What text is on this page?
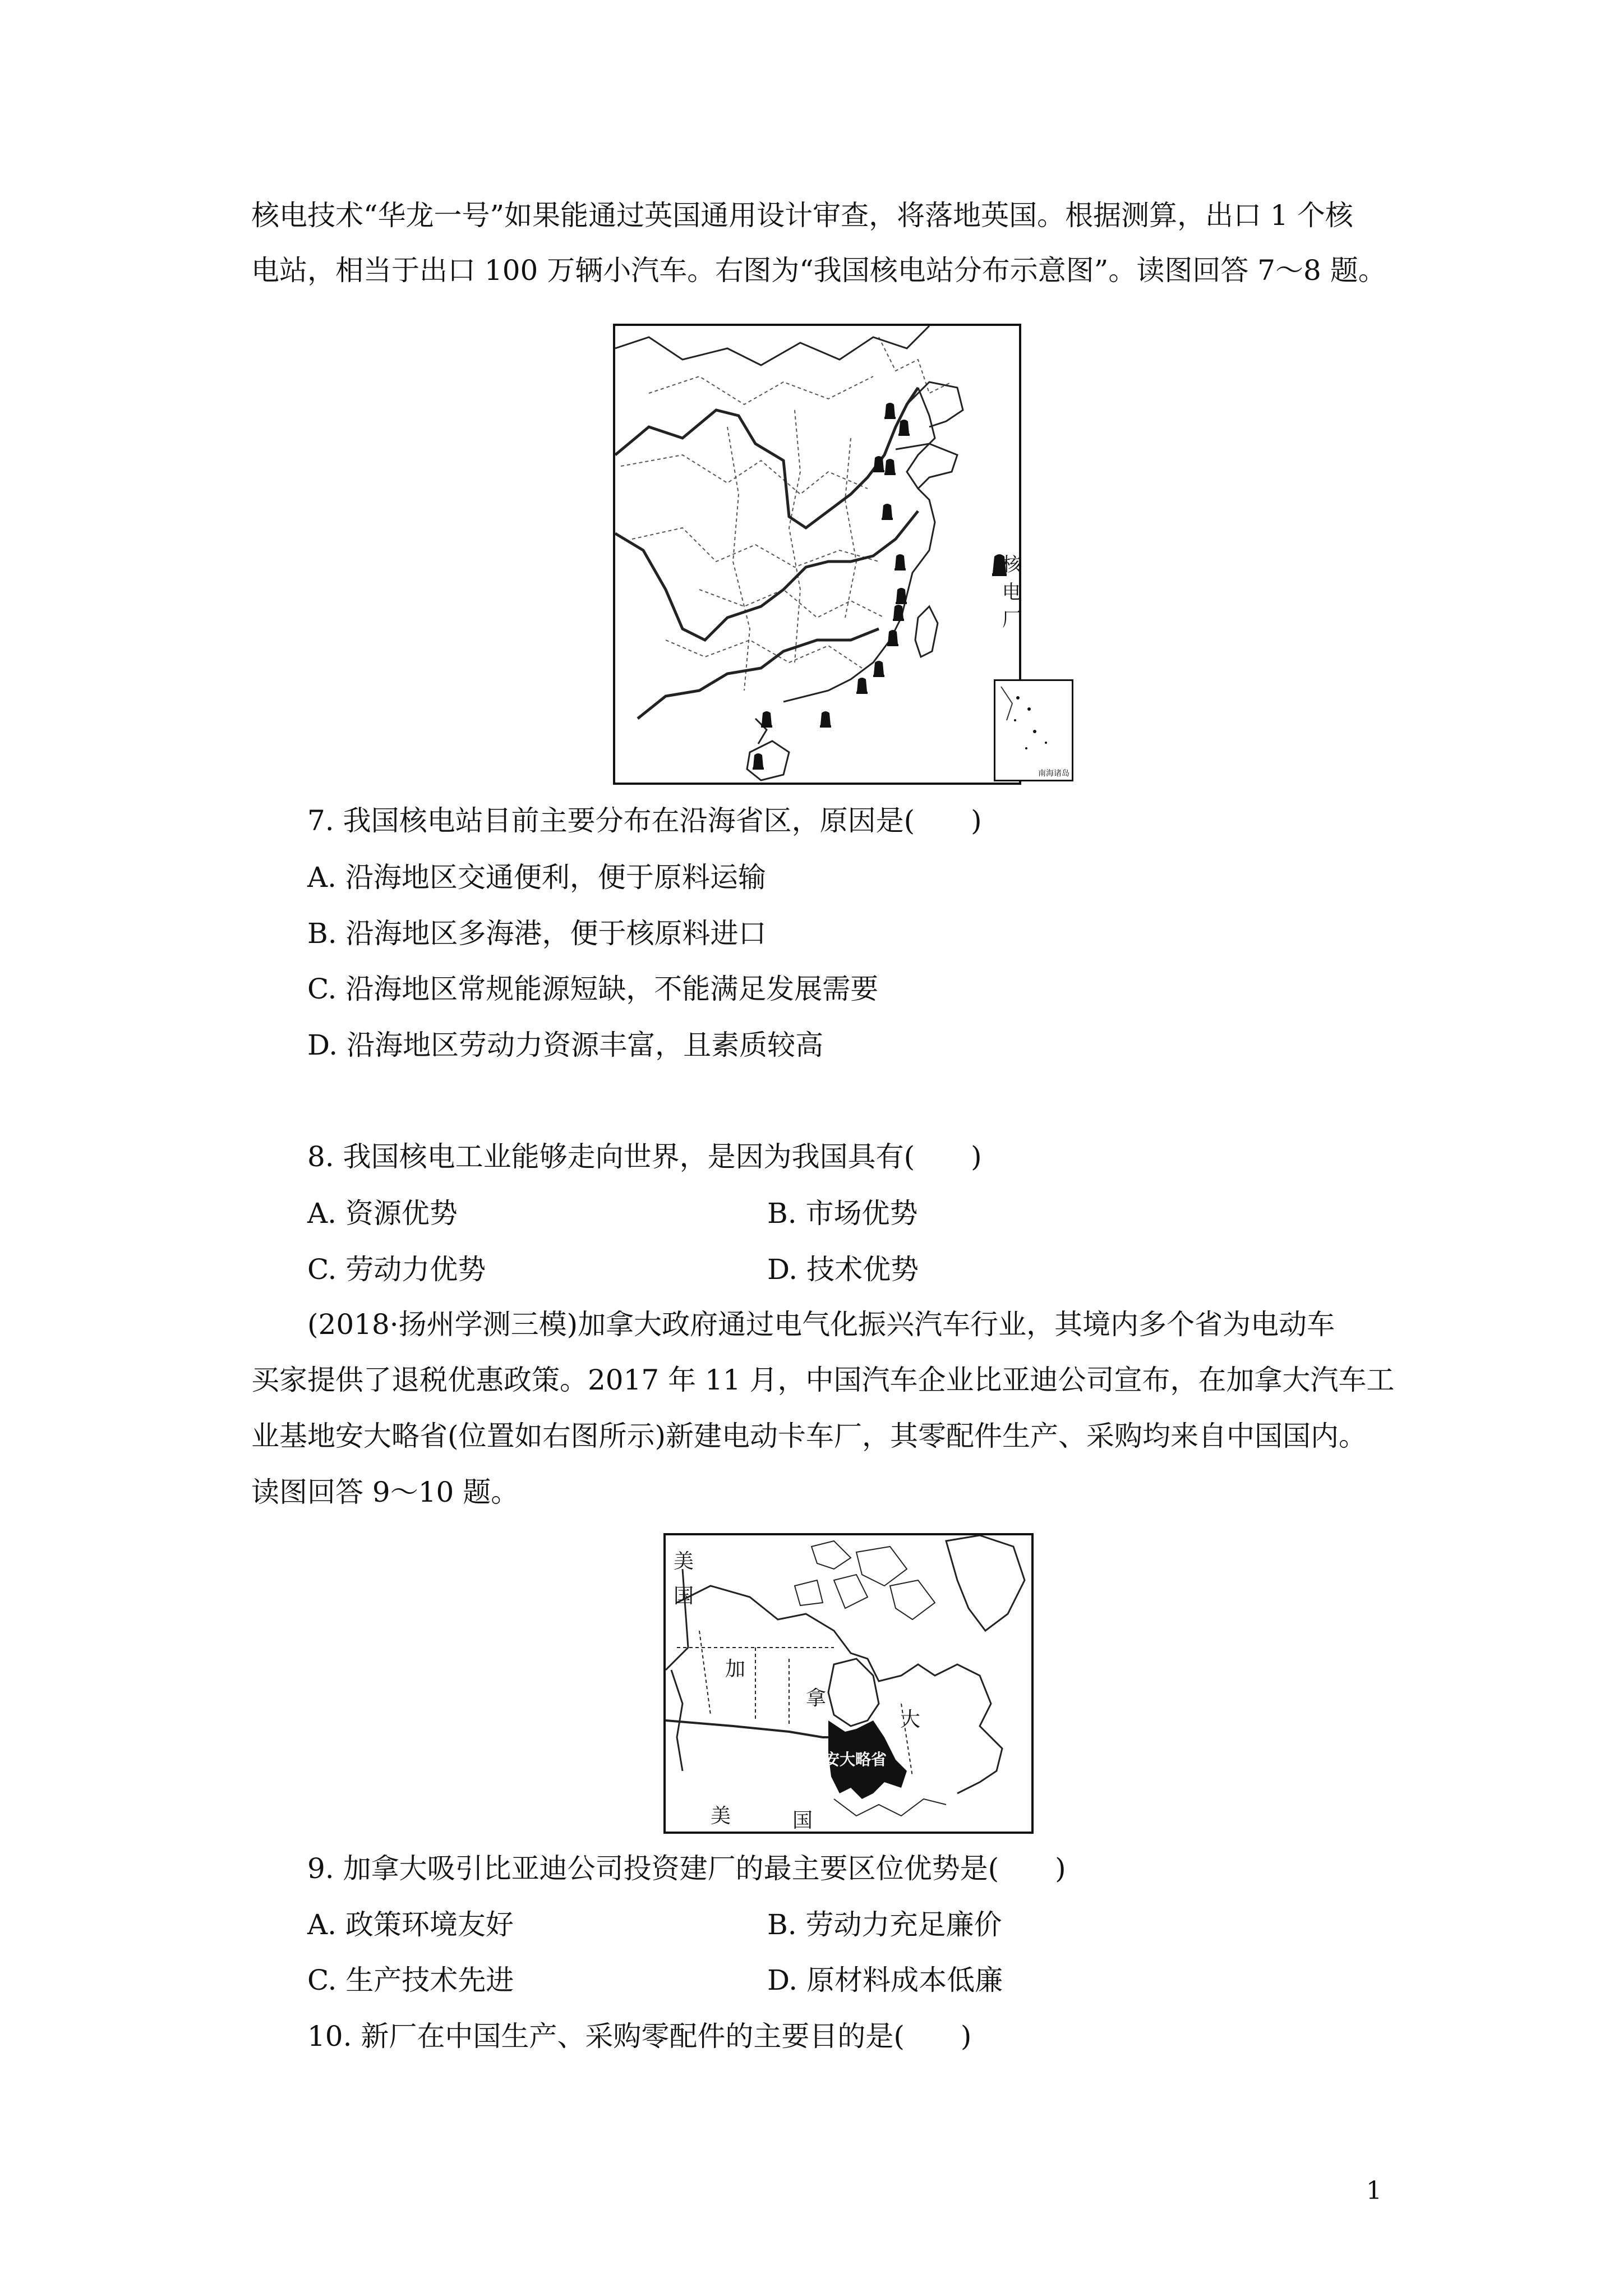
核电技术“华龙一号”如果能通过英国通用设计审查，将落地英国。根据测算，出口 1 个核
电站，相当于出口 100 万辆小汽车。右图为“我国核电站分布示意图”。读图回答 7～8 题。
核电厂
南海诸岛
7. 我国核电站目前主要分布在沿海省区，原因是(　　)
A. 沿海地区交通便利，便于原料运输
B. 沿海地区多海港，便于核原料进口
C. 沿海地区常规能源短缺，不能满足发展需要
D. 沿海地区劳动力资源丰富，且素质较高
8. 我国核电工业能够走向世界，是因为我国具有(　　)
A. 资源优势	B. 市场优势
C. 劳动力优势	D. 技术优势
(2018·扬州学测三模)加拿大政府通过电气化振兴汽车行业，其境内多个省为电动车
买家提供了退税优惠政策。2017 年 11 月，中国汽车企业比亚迪公司宣布，在加拿大汽车工
业基地安大略省(位置如右图所示)新建电动卡车厂，其零配件生产、采购均来自中国国内。
读图回答 9～10 题。
美
国
加
拿
大
安大略省
美	国
9. 加拿大吸引比亚迪公司投资建厂的最主要区位优势是(　　)
A. 政策环境友好	B. 劳动力充足廉价
C. 生产技术先进	D. 原材料成本低廉
10. 新厂在中国生产、采购零配件的主要目的是(　　)
1
